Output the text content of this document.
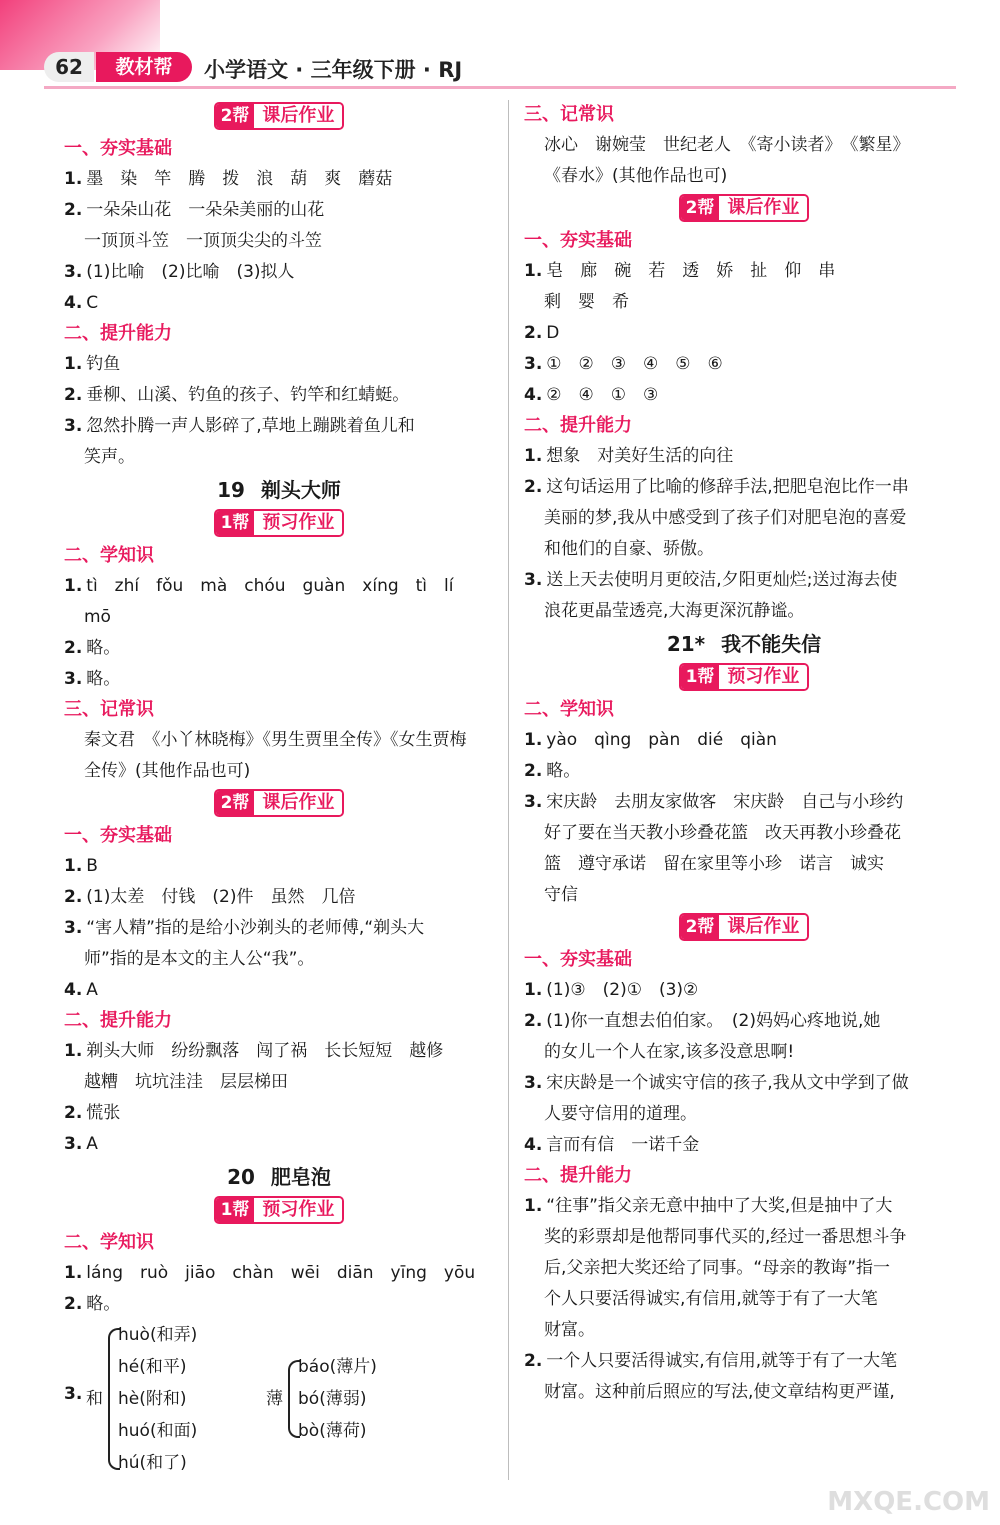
62	教材帮	小学语文 · 三年级下册 · RJ
2帮 课后作业
一、夯实基础
1. 墨　染　竿　腾　拨　浪　葫　爽　蘑菇
2. 一朵朵山花　一朵朵美丽的山花
一顶顶斗笠　一顶顶尖尖的斗笠
3. (1)比喻　(2)比喻　(3)拟人
4. C
二、提升能力
1. 钓鱼
2. 垂柳、山溪、钓鱼的孩子、钓竿和红蜻蜓。
3. 忽然扑腾一声人影碎了,草地上蹦跳着鱼儿和
笑声。
19 剃头大师
1帮 预习作业
二、学知识
1. tì　zhí　fǒu　mà　chóu　guàn　xíng　tì　lí
mō
2. 略。
3. 略。
三、记常识
秦文君　《小丫林晓梅》《男生贾里全传》《女生贾梅
全传》(其他作品也可)
2帮 课后作业
一、夯实基础
1. B
2. (1)太差　付钱　(2)件　虽然　几倍
3. “害人精”指的是给小沙剃头的老师傅,“剃头大
师”指的是本文的主人公“我”。
4. A
二、提升能力
1. 剃头大师　纷纷飘落　闯了祸　长长短短　越修
越糟　坑坑洼洼　层层梯田
2. 慌张
3. A
20 肥皂泡
1帮 预习作业
二、学知识
1. láng　ruò　jiāo　chàn　wēi　diān　yīng　yōu
2. 略。
3. 和
huò(和弄)
hé(和平)
hè(附和)
huó(和面)
hú(和了)
薄
báo(薄片)
bó(薄弱)
bò(薄荷)
三、记常识
冰心　谢婉莹　世纪老人　《寄小读者》　《繁星》
《春水》(其他作品也可)
2帮 课后作业
一、夯实基础
1. 皂　廊　碗　若　透　娇　扯　仰　串
剩　婴　希
2. D
3. ①　②　③　④　⑤　⑥
4. ②　④　①　③
二、提升能力
1. 想象　对美好生活的向往
2. 这句话运用了比喻的修辞手法,把肥皂泡比作一串
美丽的梦,我从中感受到了孩子们对肥皂泡的喜爱
和他们的自豪、骄傲。
3. 送上天去使明月更皎洁,夕阳更灿烂;送过海去使
浪花更晶莹透亮,大海更深沉静谧。
21* 我不能失信
1帮 预习作业
二、学知识
1. yào　qìng　pàn　dié　qiàn
2. 略。
3. 宋庆龄　去朋友家做客　宋庆龄　自己与小珍约
好了要在当天教小珍叠花篮　改天再教小珍叠花
篮　遵守承诺　留在家里等小珍　诺言　诚实
守信
2帮 课后作业
一、夯实基础
1. (1)③　(2)①　(3)②
2. (1)你一直想去伯伯家。　(2)妈妈心疼地说,她
的女儿一个人在家,该多没意思啊!
3. 宋庆龄是一个诚实守信的孩子,我从文中学到了做
人要守信用的道理。
4. 言而有信　一诺千金
二、提升能力
1. “往事”指父亲无意中抽中了大奖,但是抽中了大
奖的彩票却是他帮同事代买的,经过一番思想斗争
后,父亲把大奖还给了同事。“母亲的教诲”指一
个人只要活得诚实,有信用,就等于有了一大笔
财富。
2. 一个人只要活得诚实,有信用,就等于有了一大笔
财富。这种前后照应的写法,使文章结构更严谨,
MXQE.COM
